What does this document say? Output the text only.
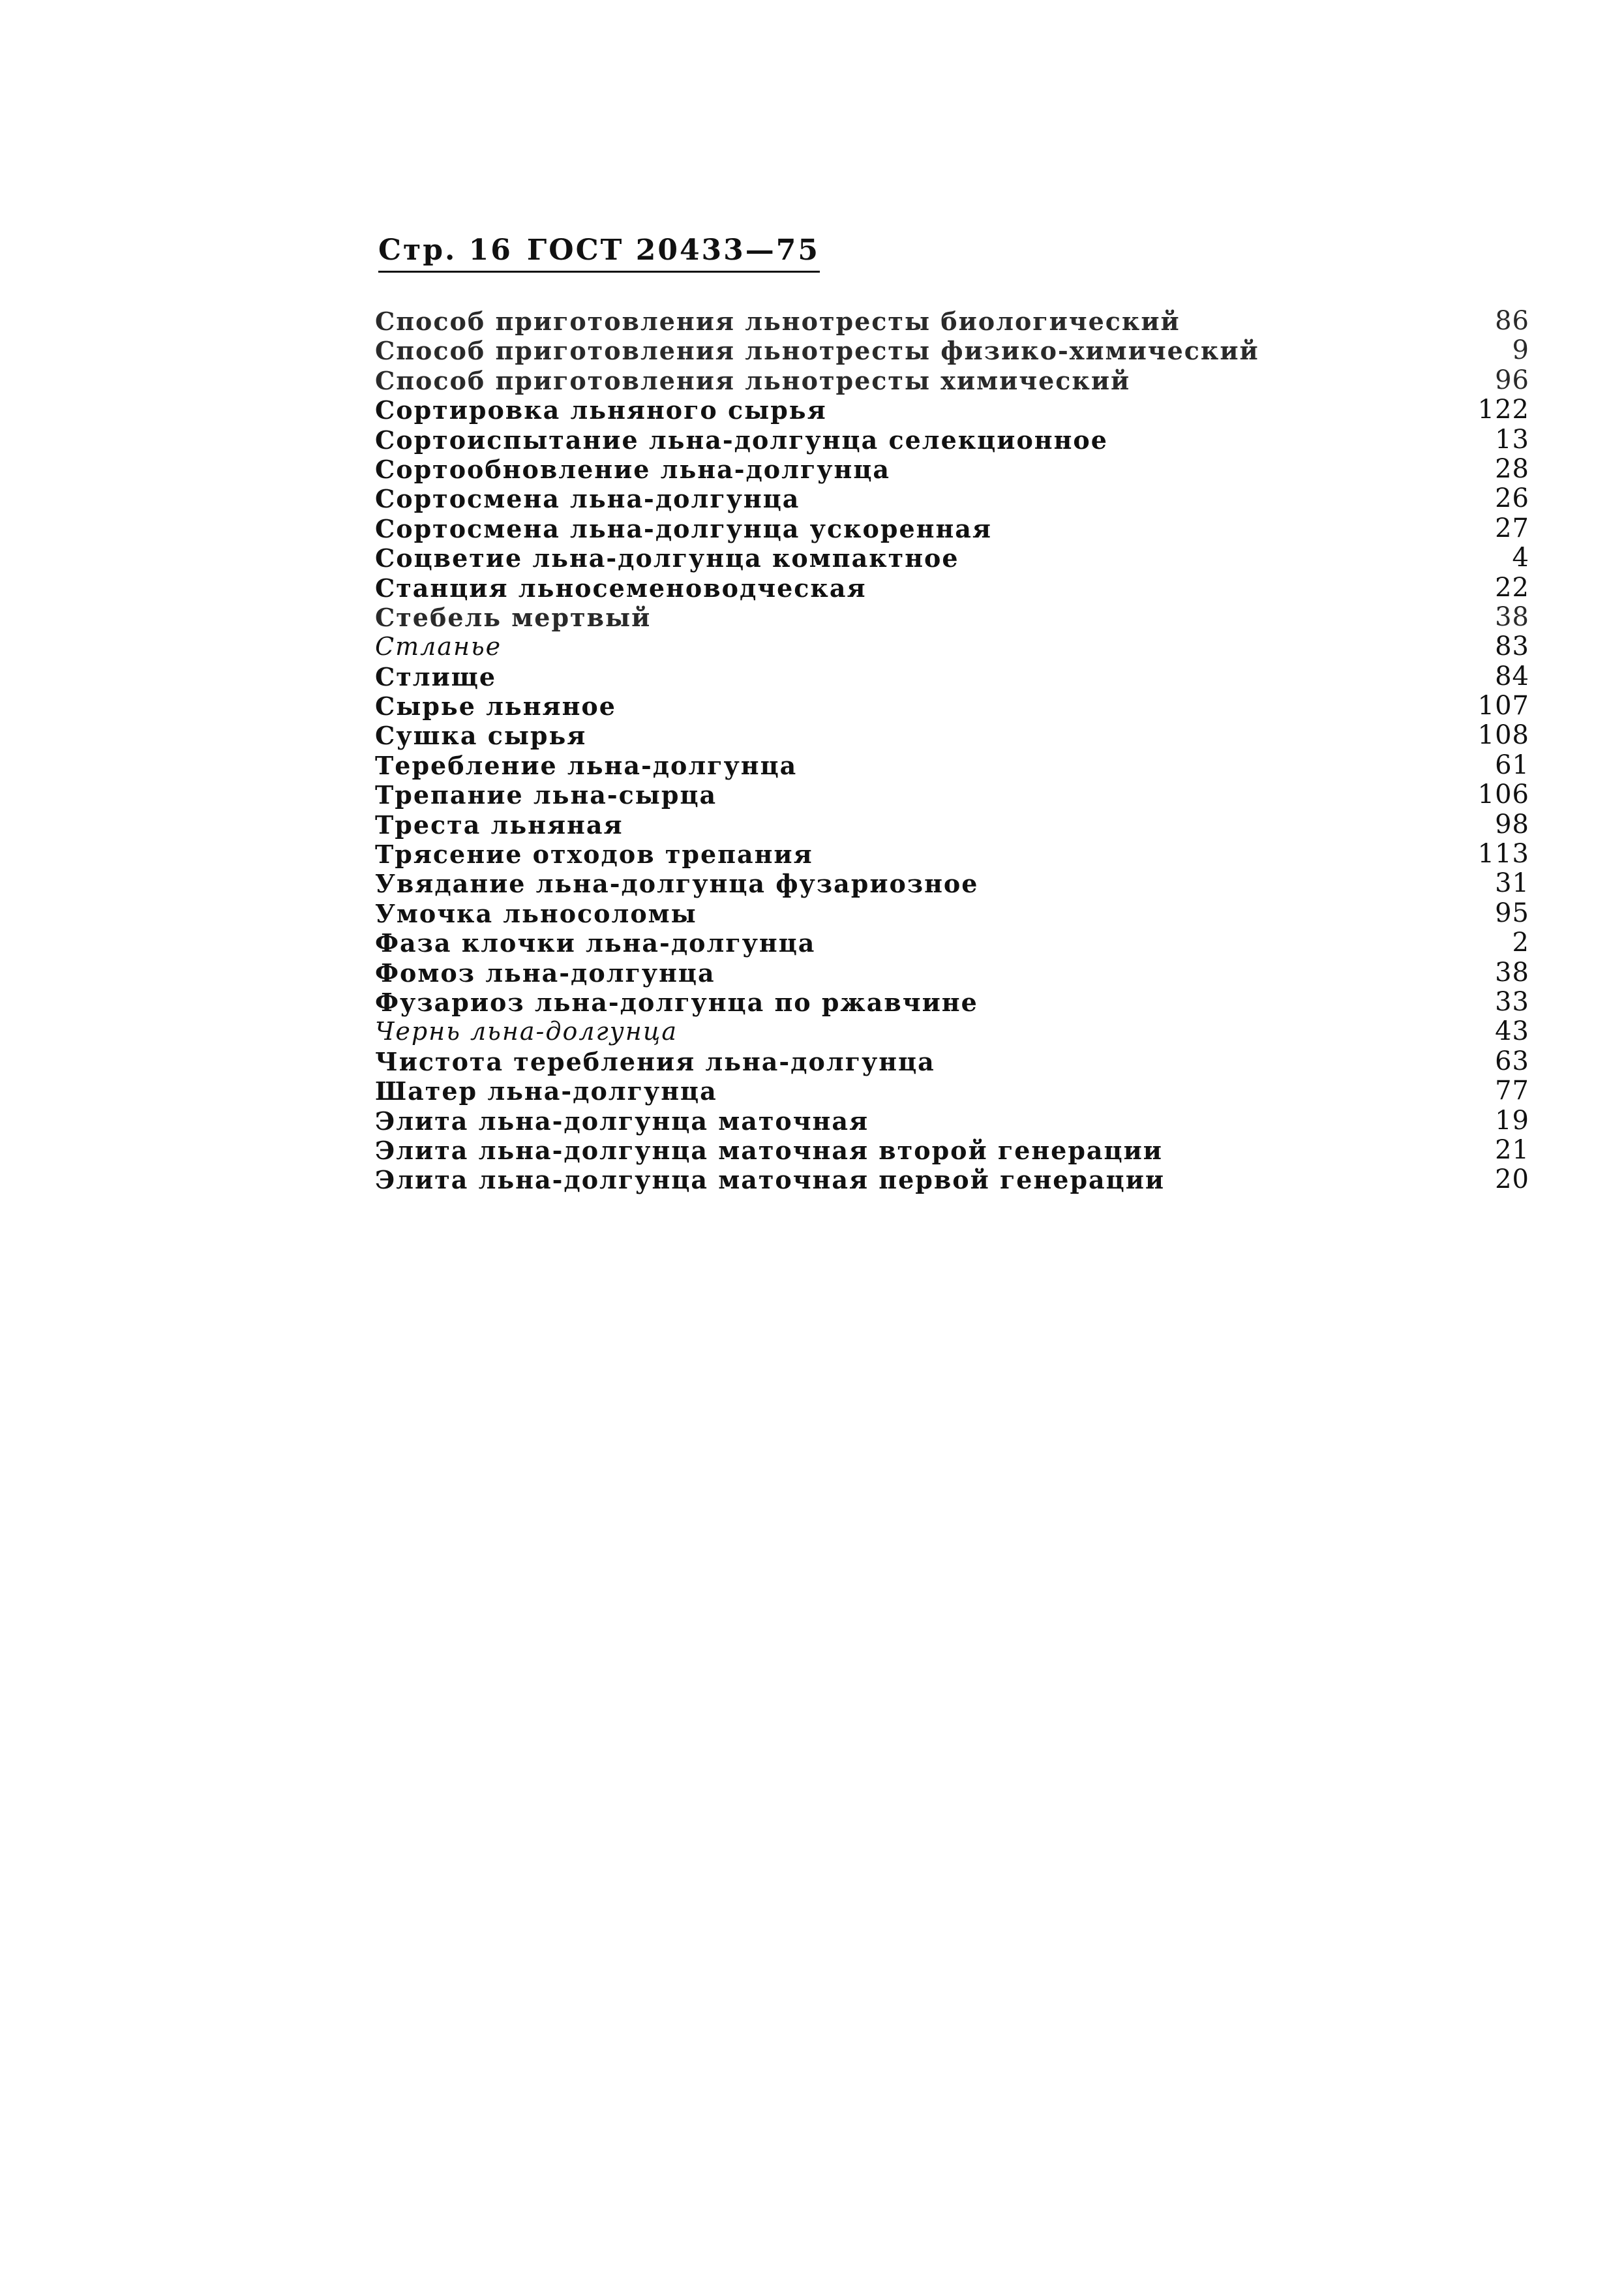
Стр. 16 ГОСТ 20433—75
Способ приготовления льнотресты биологический	86
Способ приготовления льнотресты физико-химический	9
Способ приготовления льнотресты химический	96
Сортировка льняного сырья	122
Сортоиспытание льна-долгунца селекционное	13
Сортообновление льна-долгунца	28
Сортосмена льна-долгунца	26
Сортосмена льна-долгунца ускоренная	27
Соцветие льна-долгунца компактное	4
Станция льносеменоводческая	22
Стебель мертвый	38
Стланье	83
Стлище	84
Сырье льняное	107
Сушка сырья	108
Теребление льна-долгунца	61
Трепание льна-сырца	106
Треста льняная	98
Трясение отходов трепания	113
Увядание льна-долгунца фузариозное	31
Умочка льносоломы	95
Фаза клочки льна-долгунца	2
Фомоз льна-долгунца	38
Фузариоз льна-долгунца по ржавчине	33
Чернь льна-долгунца	43
Чистота теребления льна-долгунца	63
Шатер льна-долгунца	77
Элита льна-долгунца маточная	19
Элита льна-долгунца маточная второй генерации	21
Элита льна-долгунца маточная первой генерации	20
